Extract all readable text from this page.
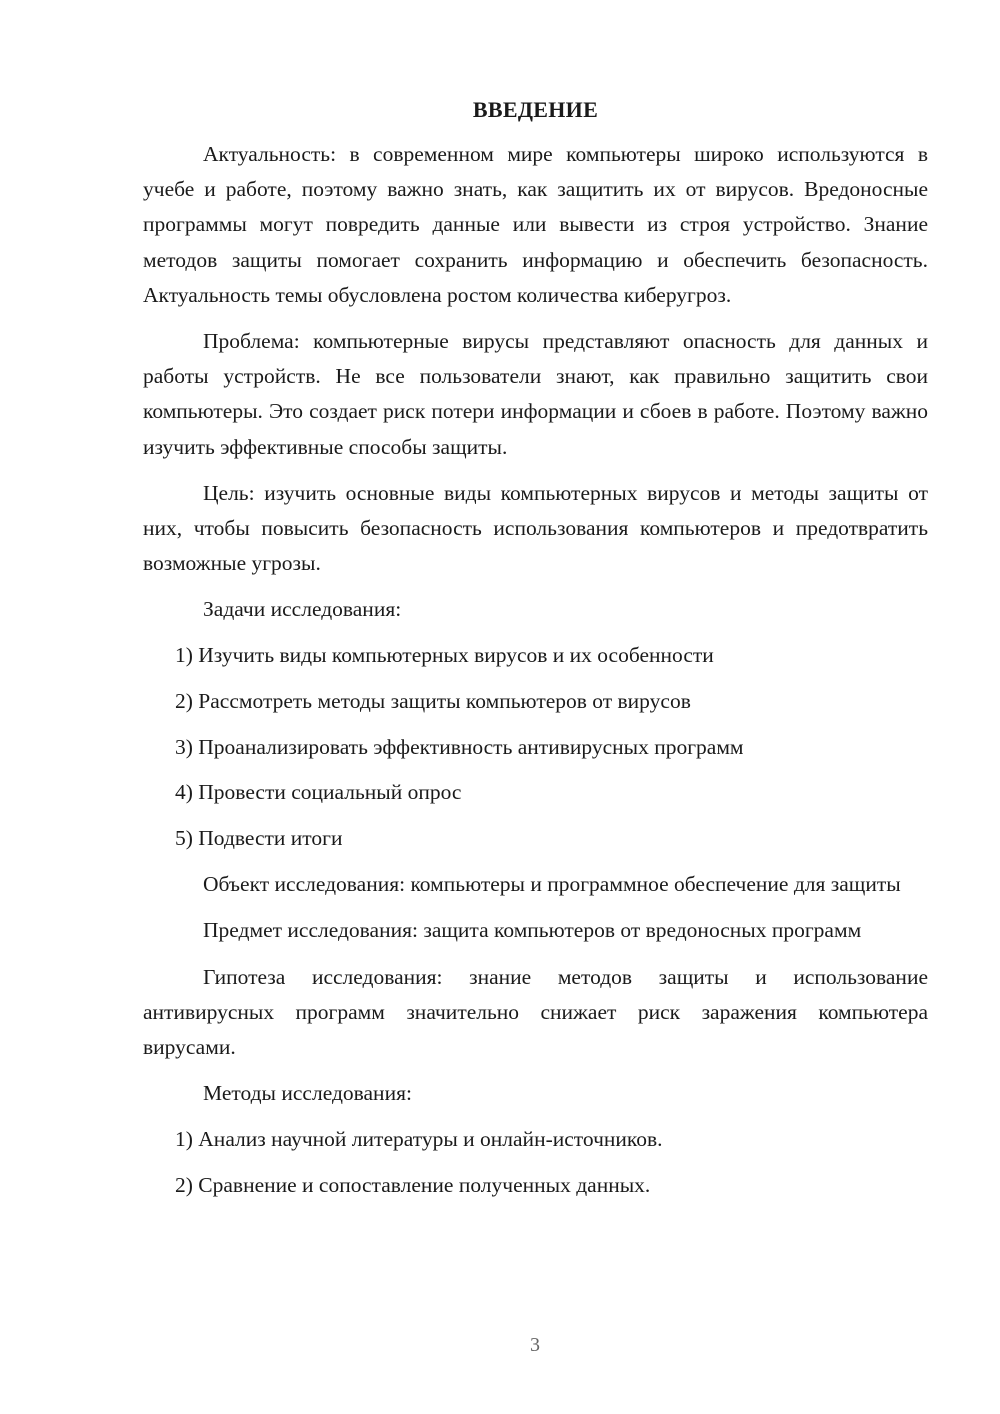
ВВЕДЕНИЕ

Актуальность: в современном мире компьютеры широко используются в учебе и работе, поэтому важно знать, как защитить их от вирусов. Вредоносные программы могут повредить данные или вывести из строя устройство. Знание методов защиты помогает сохранить информацию и обеспечить безопасность. Актуальность темы обусловлена ростом количества киберугроз.

Проблема: компьютерные вирусы представляют опасность для данных и работы устройств. Не все пользователи знают, как правильно защитить свои компьютеры. Это создает риск потери информации и сбоев в работе. Поэтому важно изучить эффективные способы защиты.

Цель: изучить основные виды компьютерных вирусов и методы защиты от них, чтобы повысить безопасность использования компьютеров и предотвратить возможные угрозы.

Задачи исследования:

1) Изучить виды компьютерных вирусов и их особенности

2) Рассмотреть методы защиты компьютеров от вирусов

3) Проанализировать эффективность антивирусных программ

4) Провести социальный опрос

5) Подвести итоги

Объект исследования: компьютеры и программное обеспечение для защиты

Предмет исследования: защита компьютеров от вредоносных программ

Гипотеза исследования: знание методов защиты и использование антивирусных программ значительно снижает риск заражения компьютера вирусами.

Методы исследования:

1) Анализ научной литературы и онлайн-источников.

2) Сравнение и сопоставление полученных данных.

3
